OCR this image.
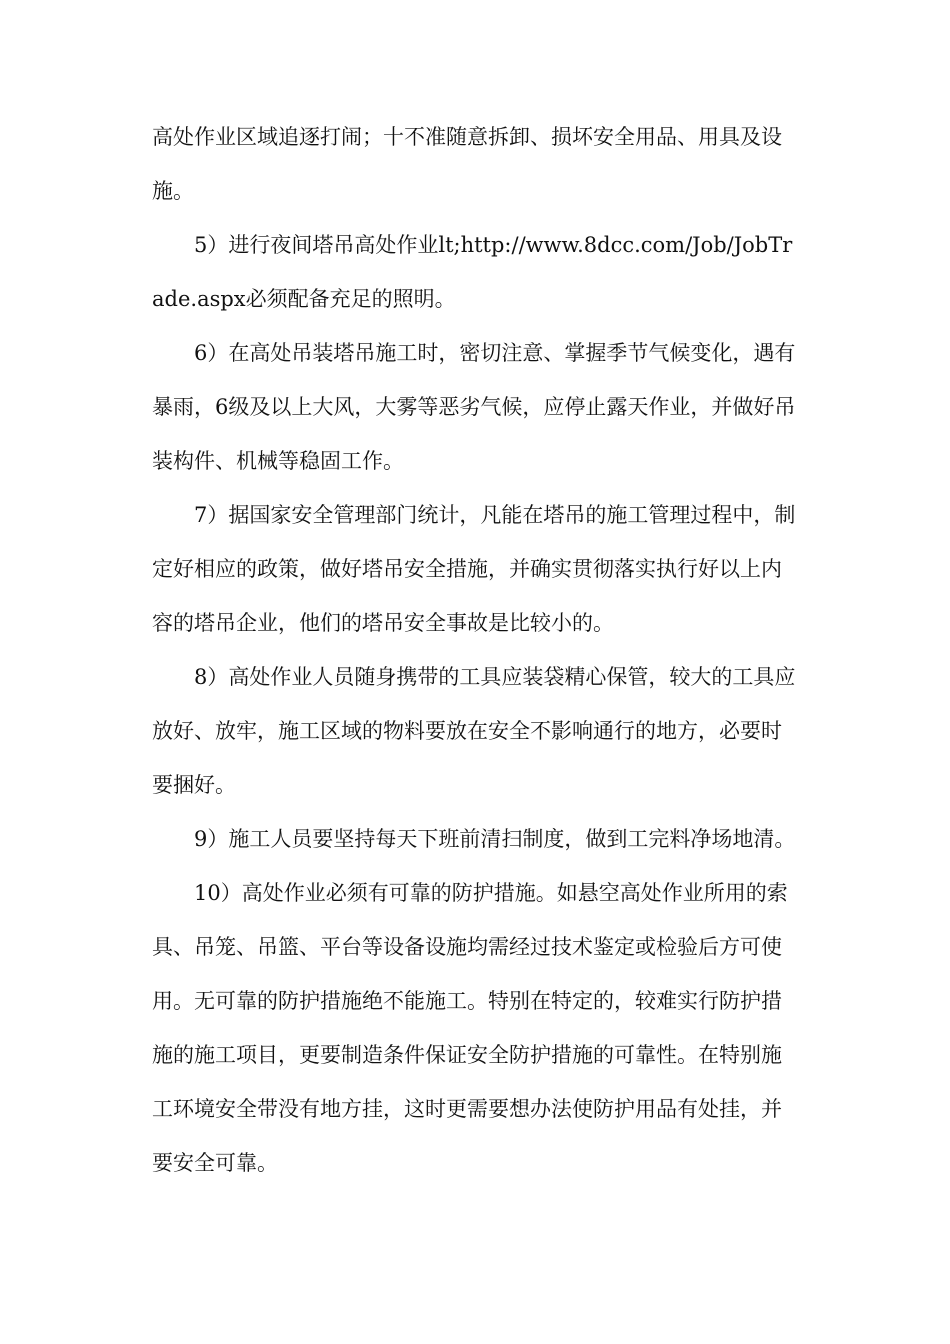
高处作业区域追逐打闹；十不准随意拆卸、损坏安全用品、用具及设施。

5）进行夜间塔吊高处作业lt;http://www.8dcc.com/Job/JobTrade.aspx必须配备充足的照明。

6）在高处吊装塔吊施工时，密切注意、掌握季节气候变化，遇有暴雨，6级及以上大风，大雾等恶劣气候，应停止露天作业，并做好吊装构件、机械等稳固工作。

7）据国家安全管理部门统计，凡能在塔吊的施工管理过程中，制定好相应的政策，做好塔吊安全措施，并确实贯彻落实执行好以上内容的塔吊企业，他们的塔吊安全事故是比较小的。

8）高处作业人员随身携带的工具应装袋精心保管，较大的工具应放好、放牢，施工区域的物料要放在安全不影响通行的地方，必要时要捆好。

9）施工人员要坚持每天下班前清扫制度，做到工完料净场地清。

10）高处作业必须有可靠的防护措施。如悬空高处作业所用的索具、吊笼、吊篮、平台等设备设施均需经过技术鉴定或检验后方可使用。无可靠的防护措施绝不能施工。特别在特定的，较难实行防护措施的施工项目，更要制造条件保证安全防护措施的可靠性。在特别施工环境安全带没有地方挂，这时更需要想办法使防护用品有处挂，并要安全可靠。
